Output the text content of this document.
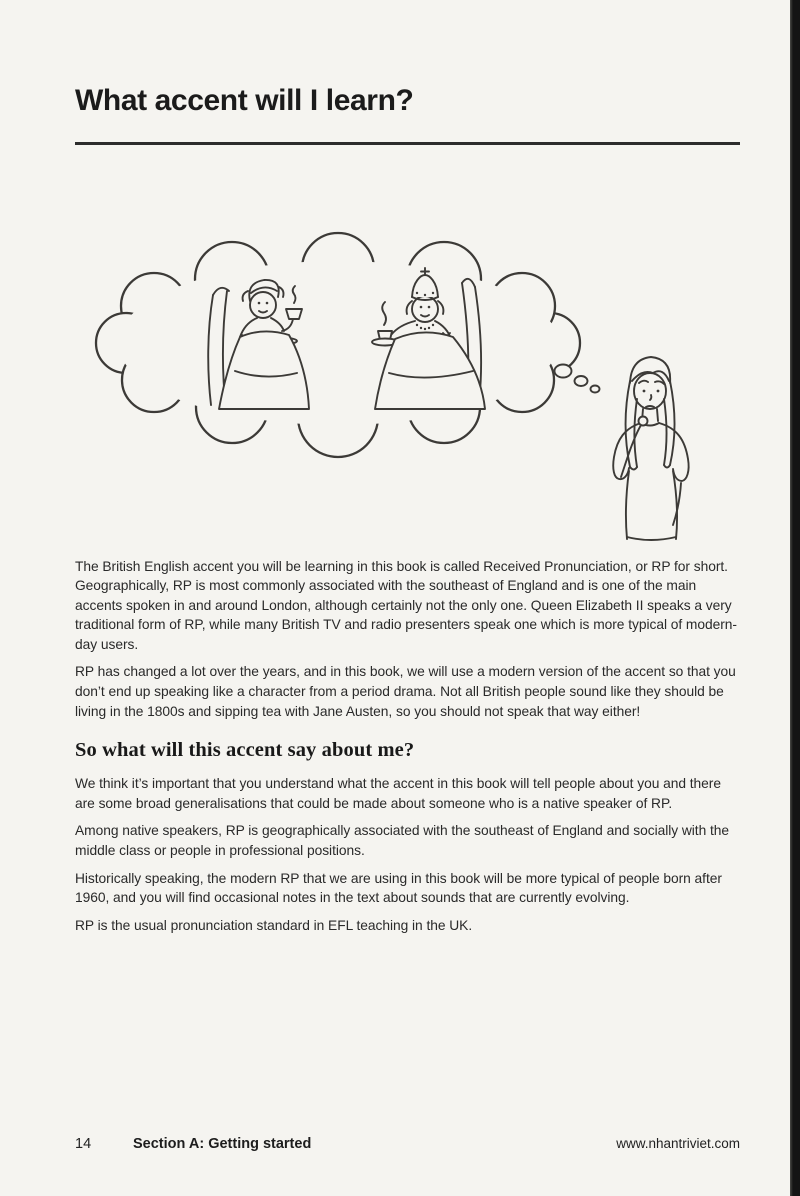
What accent will I learn?

The British English accent you will be learning in this book is called Received Pronunciation, or RP for short. Geographically, RP is most commonly associated with the southeast of England and is one of the main accents spoken in and around London, although certainly not the only one. Queen Elizabeth II speaks a very traditional form of RP, while many British TV and radio presenters speak one which is more typical of modern-day users.

RP has changed a lot over the years, and in this book, we will use a modern version of the accent so that you don’t end up speaking like a character from a period drama. Not all British people sound like they should be living in the 1800s and sipping tea with Jane Austen, so you should not speak that way either!

So what will this accent say about me?

We think it’s important that you understand what the accent in this book will tell people about you and there are some broad generalisations that could be made about someone who is a native speaker of RP.

Among native speakers, RP is geographically associated with the southeast of England and socially with the middle class or people in professional positions.

Historically speaking, the modern RP that we are using in this book will be more typical of people born after 1960, and you will find occasional notes in the text about sounds that are currently evolving.

RP is the usual pronunciation standard in EFL teaching in the UK.

14	Section A: Getting started	www.nhantriviet.com
